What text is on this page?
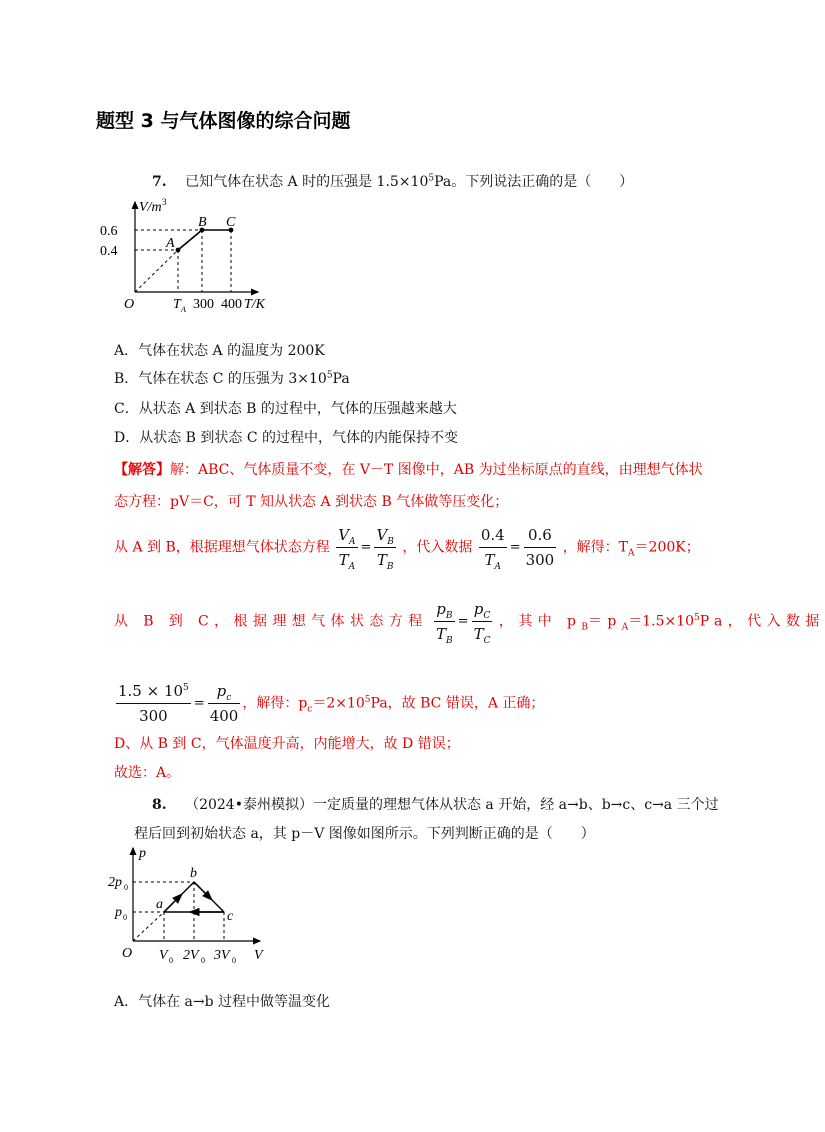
题型 3 与气体图像的综合问题
7. 已知气体在状态 A 时的压强是 $1.5\times 10^5Pa$。下列说法正确的是（　　）
V/m 3
0.6
0.4
A
B C
O	T A 300 400 T/K
A．气体在状态 A 的温度为 200K
B．气体在状态 C 的压强为 $3\times 10^5Pa$
C．从状态 A 到状态 B 的过程中，气体的压强越来越大
D．从状态 B 到状态 C 的过程中，气体的内能保持不变
【解答】解：ABC、气体质量不变，在 V－T 图像中，AB 为过坐标原点的直线，由理想气体状
态方程：pV＝C，可 T 知从状态 A 到状态 B 气体做等压变化；
从 A 到 B，根据理想气体状态方程 $\frac{V_A}{T_A} = \frac{V_B}{T_B}$ ，代入数据 $\frac{0.4}{T_A} = \frac{0.6}{300}$ ，解得：$T_A=200K$；
从 B 到 C，根据理想气体状态方程 $\frac{p_B}{T_B} = \frac{p_C}{T_C}$ ，其中 $p_B=p_A=1.5\times 10^5Pa$，代入数据
$\frac{1.5 \times 10^5}{300} = \frac{p_c}{400}$ ，解得：$p_c=2\times 10^5Pa$，故 BC 错误，A 正确；
D、从 B 到 C，气体温度升高，内能增大，故 D 错误；
故选：A。
8. （2024•泰州模拟）一定质量的理想气体从状态 a 开始，经 a→b、b→c、c→a 三个过
程后回到初始状态 a，其 p－V 图像如图所示。下列判断正确的是（　　）
p
2p 0
p 0
a
b
c
O V 0 2V 0 3V 0 V
A．气体在 a→b 过程中做等温变化
